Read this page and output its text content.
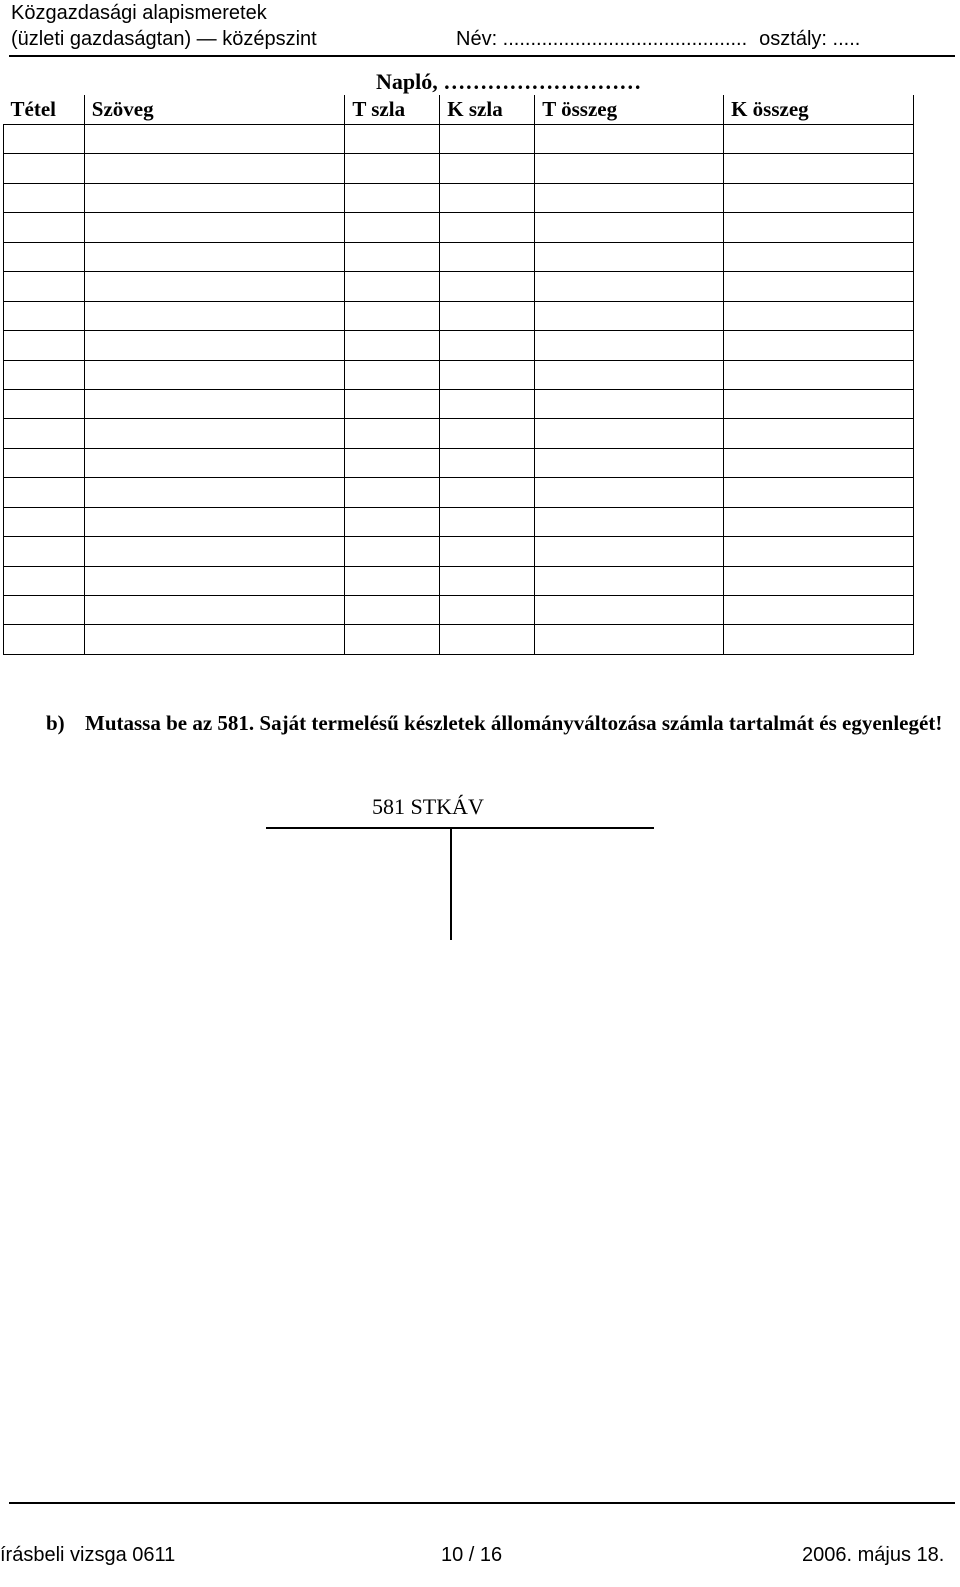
Közgazdasági alapismeretek
(üzleti gazdaságtan) — középszint	Név: ............................................ osztály: .....
Napló, ………………………
Tétel	Szöveg	T szla	K szla	T összeg	K összeg

b) Mutassa be az 581. Saját termelésű készletek állományváltozása számla tartalmát és egyenlegét!
581 STKÁV
írásbeli vizsga 0611	10 / 16	2006. május 18.
